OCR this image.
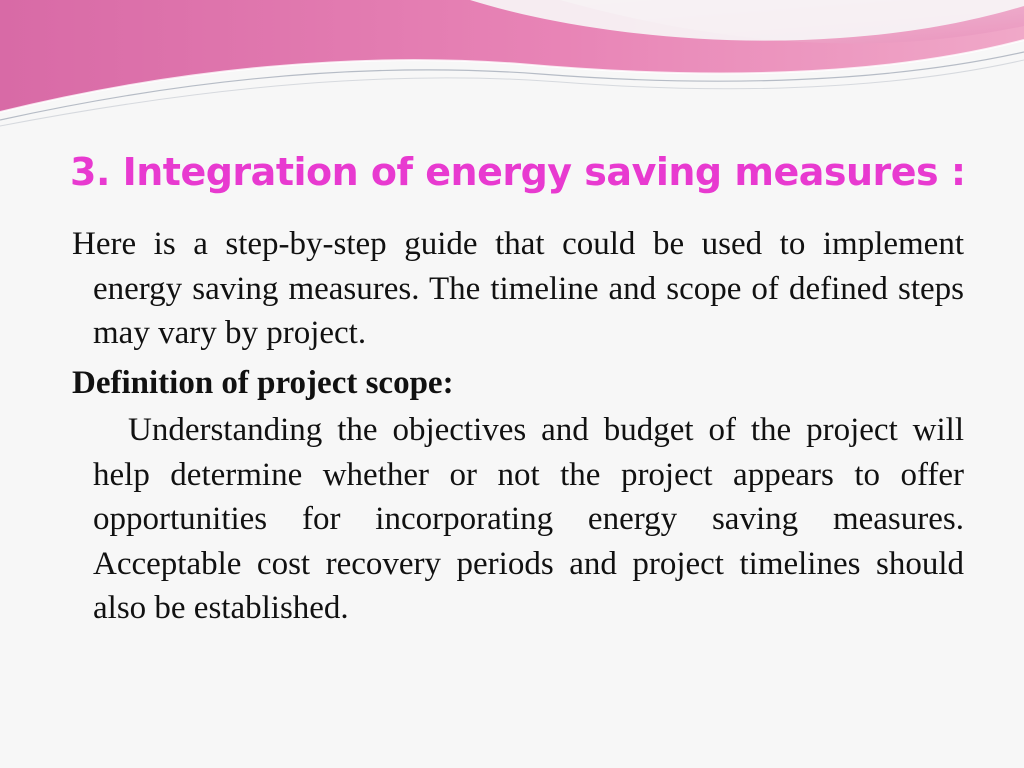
3. Integration of energy saving measures :

Here is a step-by-step guide that could be used to implement energy saving measures. The timeline and scope of defined steps may vary by project.

Definition of project scope:

Understanding the objectives and budget of the project will help determine whether or not the project appears to offer opportunities for incorporating energy saving measures. Acceptable cost recovery periods and project timelines should also be established.
